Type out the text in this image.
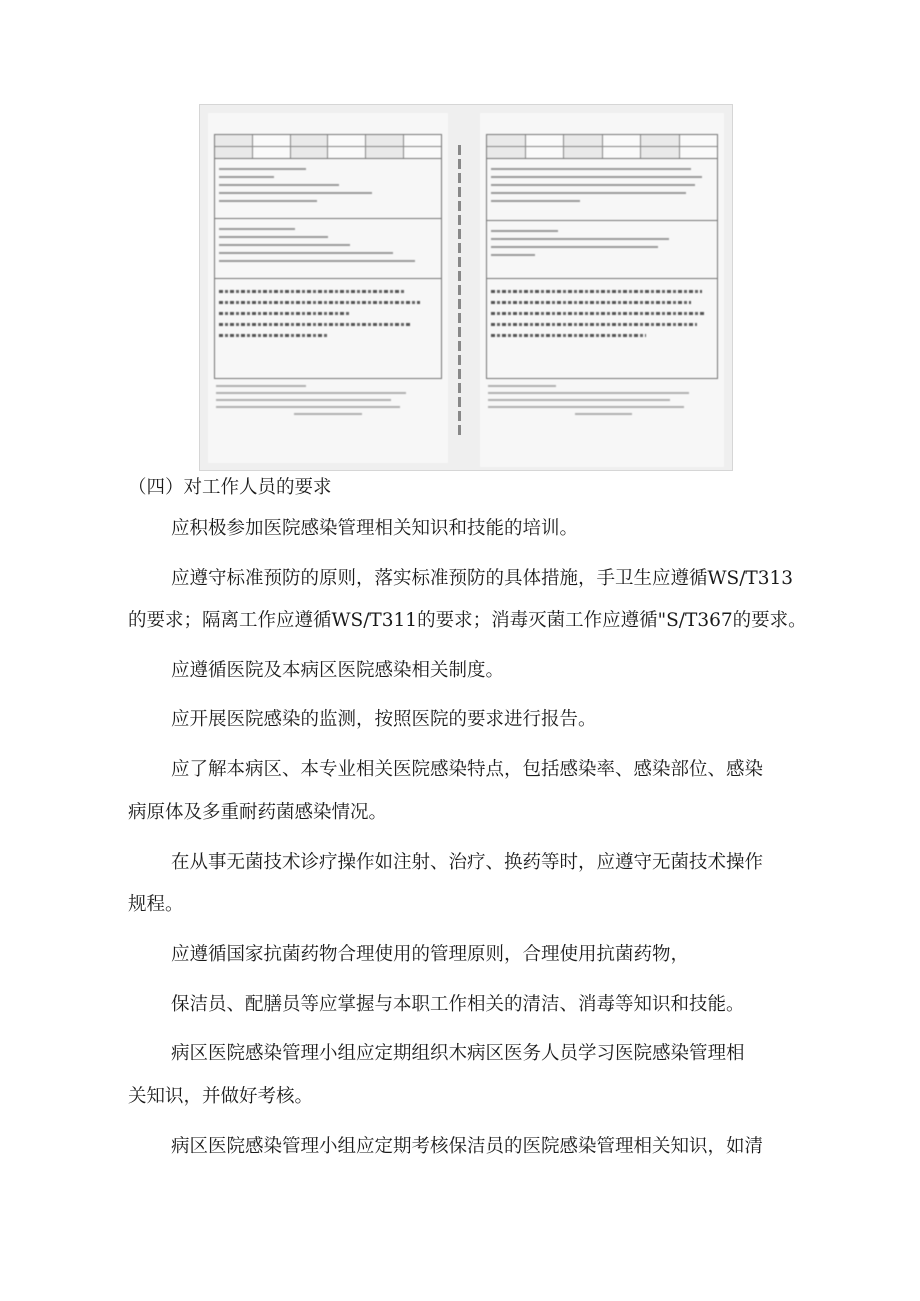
（四）对工作人员的要求

应积极参加医院感染管理相关知识和技能的培训。

应遵守标准预防的原则，落实标准预防的具体措施，手卫生应遵循WS/T313

的要求；隔离工作应遵循WS/T311的要求；消毒灭菌工作应遵循"S/T367的要求。

应遵循医院及本病区医院感染相关制度。

应开展医院感染的监测，按照医院的要求进行报告。

应了解本病区、本专业相关医院感染特点，包括感染率、感染部位、感染

病原体及多重耐药菌感染情况。

在从事无菌技术诊疗操作如注射、治疗、换药等时，应遵守无菌技术操作

规程。

应遵循国家抗菌药物合理使用的管理原则，合理使用抗菌药物，

保洁员、配膳员等应掌握与本职工作相关的清洁、消毒等知识和技能。

病区医院感染管理小组应定期组织木病区医务人员学习医院感染管理相

关知识，并做好考核。

病区医院感染管理小组应定期考核保洁员的医院感染管理相关知识，如清
